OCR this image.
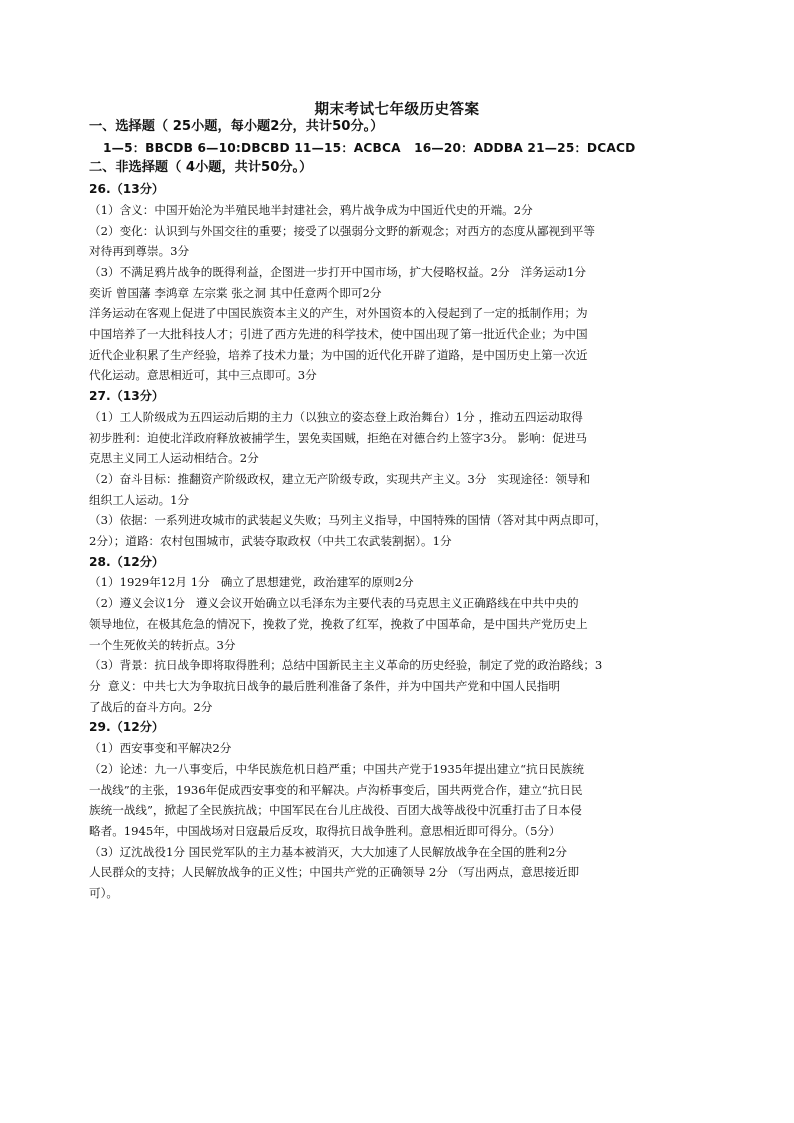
期末考试七年级历史答案

一、选择题（ 25小题，每小题2分，共计50分。）

1—5：BBCDB 6—10:DBCBD 11—15：ACBCA   16—20：ADDBA 21—25：DCACD

二、非选择题（ 4小题，共计50分。）

26.（13分）

（1）含义：中国开始沦为半殖民地半封建社会，鸦片战争成为中国近代史的开端。2分

（2）变化：认识到与外国交往的重要；接受了以强弱分文野的新观念；对西方的态度从鄙视到平等

对待再到尊崇。3分

（3）不满足鸦片战争的既得利益，企图进一步打开中国市场，扩大侵略权益。2分   洋务运动1分

奕䜣 曾国藩 李鸿章 左宗棠 张之洞 其中任意两个即可2分

洋务运动在客观上促进了中国民族资本主义的产生，对外国资本的入侵起到了一定的抵制作用；为

中国培养了一大批科技人才；引进了西方先进的科学技术，使中国出现了第一批近代企业；为中国

近代企业积累了生产经验，培养了技术力量；为中国的近代化开辟了道路，是中国历史上第一次近

代化运动。意思相近可，其中三点即可。3分

27.（13分）

（1）工人阶级成为五四运动后期的主力（以独立的姿态登上政治舞台）1分 ，推动五四运动取得

初步胜利：迫使北洋政府释放被捕学生，罢免卖国贼，拒绝在对德合约上签字3分。 影响：促进马

克思主义同工人运动相结合。2分

（2）奋斗目标：推翻资产阶级政权，建立无产阶级专政，实现共产主义。3分   实现途径：领导和

组织工人运动。1分

（3）依据：一系列进攻城市的武装起义失败；马列主义指导，中国特殊的国情（答对其中两点即可，

2分）；道路：农村包围城市，武装夺取政权（中共工农武装割据）。1分

28.（12分）

（1）1929年12月 1分   确立了思想建党，政治建军的原则2分

（2）遵义会议1分   遵义会议开始确立以毛泽东为主要代表的马克思主义正确路线在中共中央的

领导地位，在极其危急的情况下，挽救了党，挽救了红军，挽救了中国革命，是中国共产党历史上

一个生死攸关的转折点。3分

（3）背景：抗日战争即将取得胜利；总结中国新民主主义革命的历史经验，制定了党的政治路线；3

分  意义：中共七大为争取抗日战争的最后胜利准备了条件，并为中国共产党和中国人民指明

了战后的奋斗方向。2分

29.（12分）

（1）西安事变和平解决2分

（2）论述：九一八事变后，中华民族危机日趋严重；中国共产党于1935年提出建立“抗日民族统

一战线”的主张，1936年促成西安事变的和平解决。卢沟桥事变后，国共两党合作，建立“抗日民

族统一战线”，掀起了全民族抗战；中国军民在台儿庄战役、百团大战等战役中沉重打击了日本侵

略者。1945年，中国战场对日寇最后反攻，取得抗日战争胜利。意思相近即可得分。（5分）

（3）辽沈战役1分 国民党军队的主力基本被消灭，大大加速了人民解放战争在全国的胜利2分

人民群众的支持；人民解放战争的正义性；中国共产党的正确领导 2分 （写出两点，意思接近即

可）。
